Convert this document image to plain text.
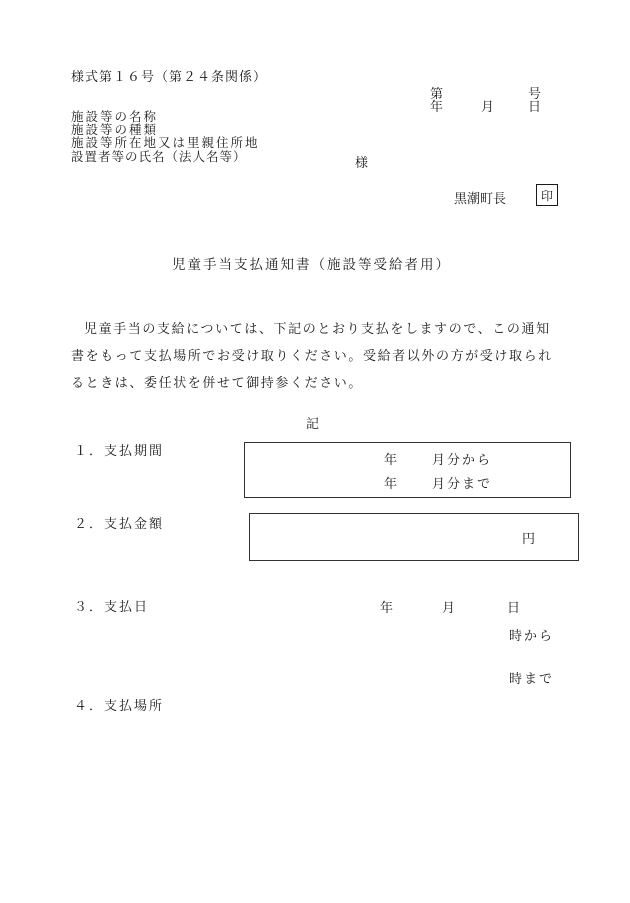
様式第１６号（第２４条関係）
第	号
年	月	日
施設等の名称
施設等の種類
施設等所在地又は里親住所地
設置者等の氏名（法人名等）	様
黒潮町長	印
児童手当支払通知書（施設等受給者用）
児童手当の支給については、下記のとおり支払をしますので、この通知書をもって支払場所でお受け取りください。受給者以外の方が受け取られるときは、委任状を併せて御持参ください。
記
１．支払期間
年	月分から
年	月分まで
２．支払金額
円
３．支払日	年	月	日
時から
時まで
４．支払場所
